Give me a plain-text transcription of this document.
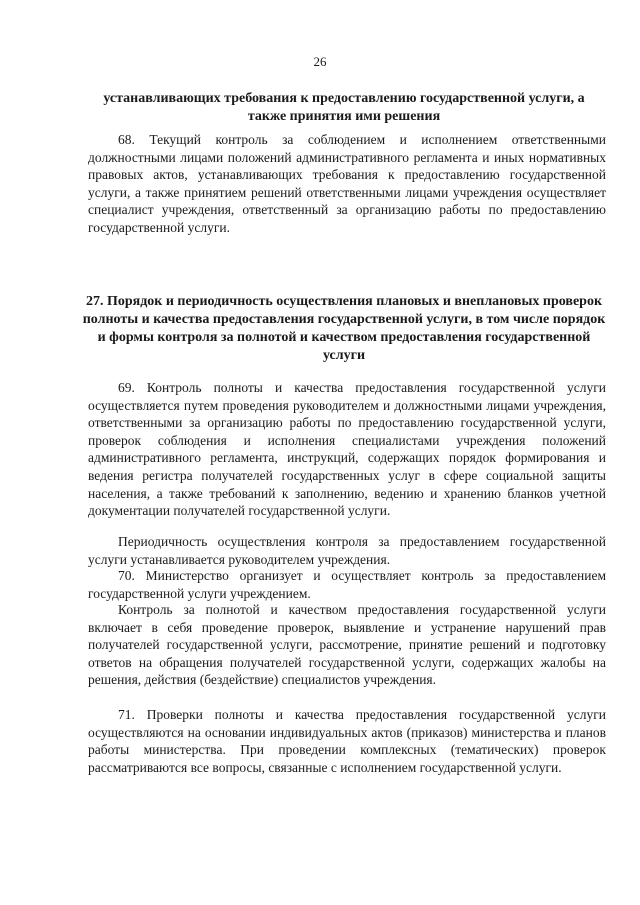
26
устанавливающих требования к предоставлению государственной услуги, а также принятия ими решения
68. Текущий контроль за соблюдением и исполнением ответственными должностными лицами положений административного регламента и иных нормативных правовых актов, устанавливающих требования к предоставлению государственной услуги, а также принятием решений ответственными лицами учреждения осуществляет специалист учреждения, ответственный за организацию работы по предоставлению государственной услуги.
27. Порядок и периодичность осуществления плановых и внеплановых проверок полноты и качества предоставления государственной услуги, в том числе порядок и формы контроля за полнотой и качеством предоставления государственной услуги
69. Контроль полноты и качества предоставления государственной услуги осуществляется путем проведения руководителем и должностными лицами учреждения, ответственными за организацию работы по предоставлению государственной услуги, проверок соблюдения и исполнения специалистами учреждения положений административного регламента, инструкций, содержащих порядок формирования и ведения регистра получателей государственных услуг в сфере социальной защиты населения, а также требований к заполнению, ведению и хранению бланков учетной документации получателей государственной услуги.
Периодичность осуществления контроля за предоставлением государственной услуги устанавливается руководителем учреждения.
70. Министерство организует и осуществляет контроль за предоставлением государственной услуги учреждением.
Контроль за полнотой и качеством предоставления государственной услуги включает в себя проведение проверок, выявление и устранение нарушений прав получателей государственной услуги, рассмотрение, принятие решений и подготовку ответов на обращения получателей государственной услуги, содержащих жалобы на решения, действия (бездействие) специалистов учреждения.
71. Проверки полноты и качества предоставления государственной услуги осуществляются на основании индивидуальных актов (приказов) министерства и планов работы министерства. При проведении комплексных (тематических) проверок рассматриваются все вопросы, связанные с исполнением государственной услуги.
